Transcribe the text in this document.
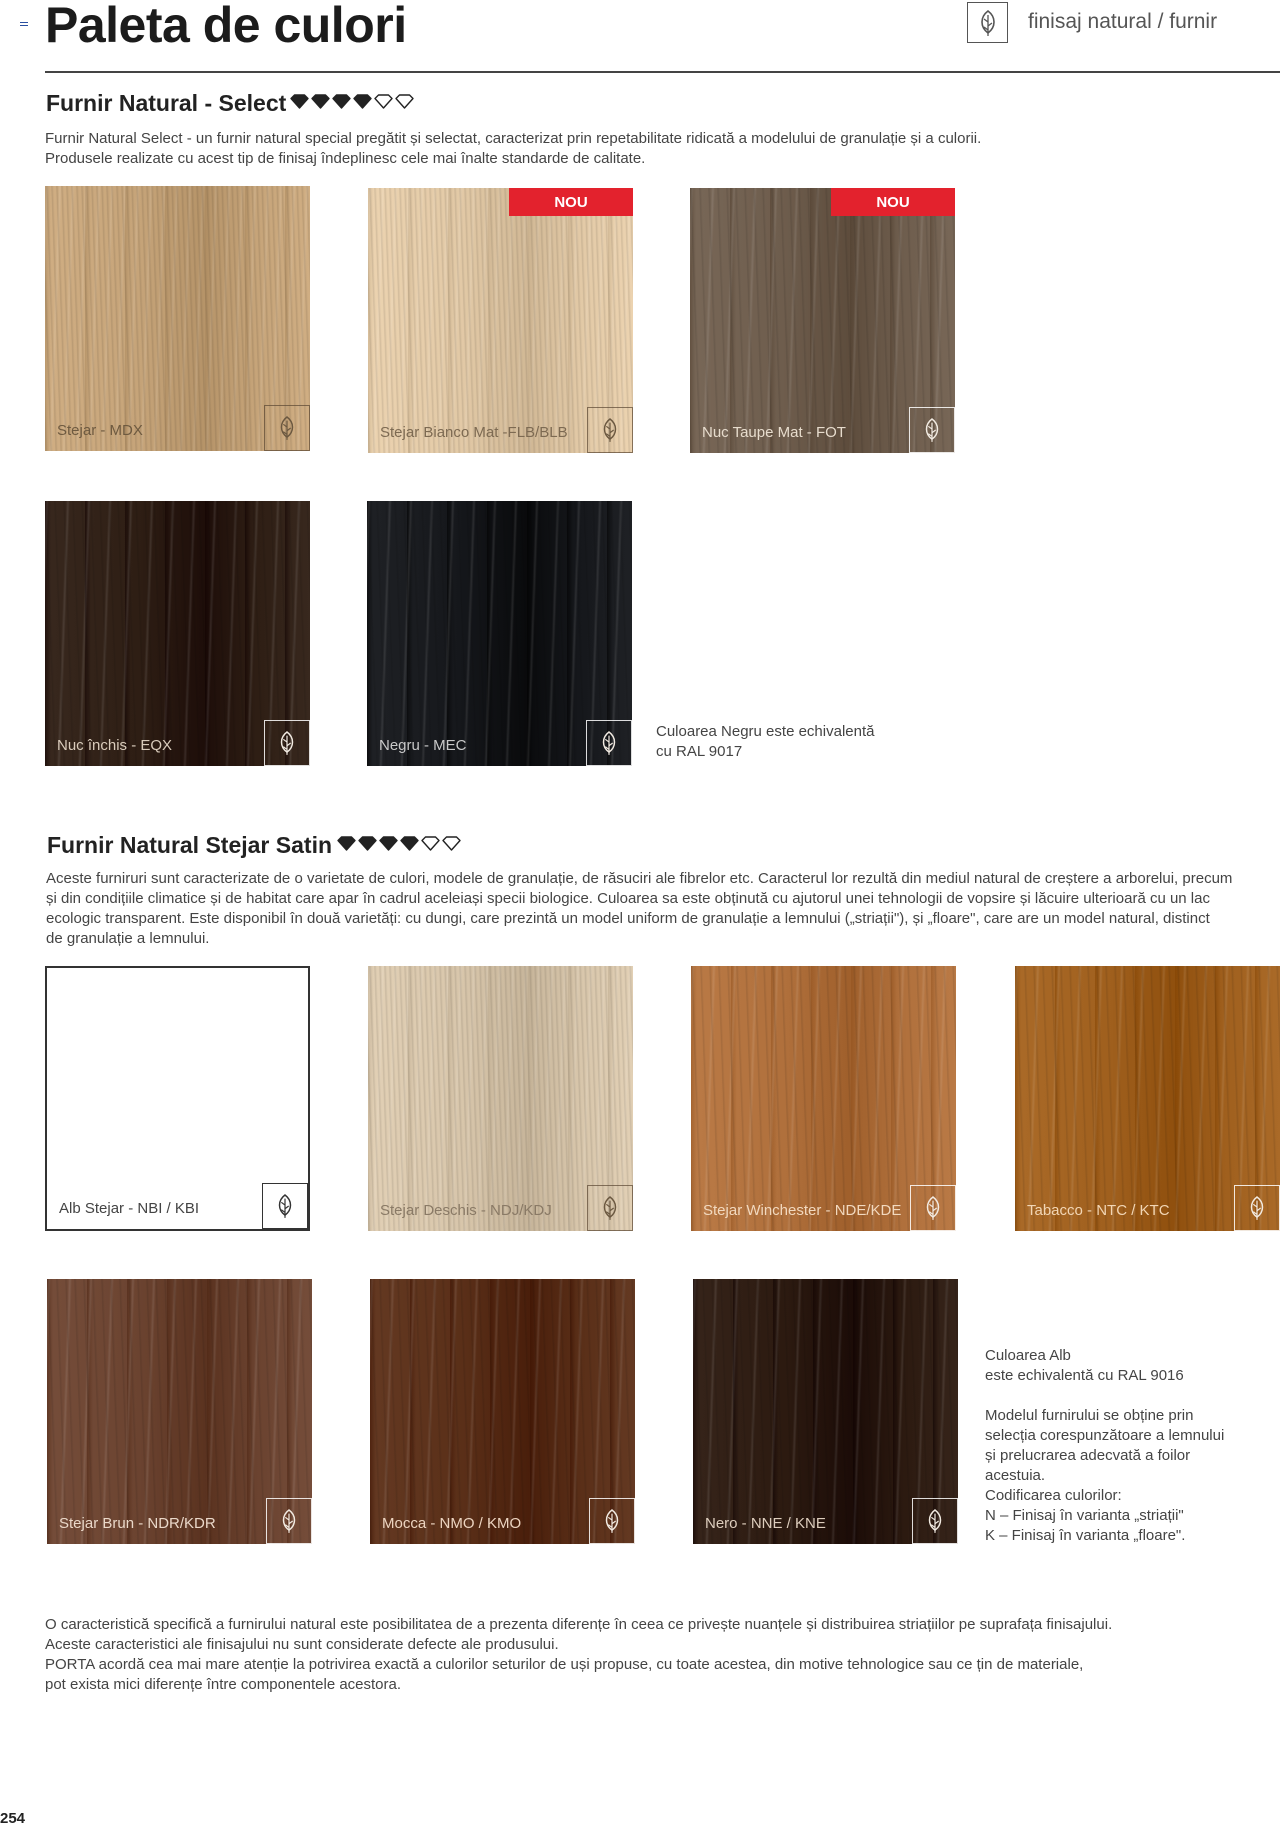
Paleta de culori	finisaj natural / furnir
Furnir Natural - Select

Furnir Natural Select - un furnir natural special pregătit și selectat, caracterizat prin repetabilitate ridicată a modelului de granulație și a culorii.

Produsele realizate cu acest tip de finisaj îndeplinesc cele mai înalte standarde de calitate.

Stejar - MDX
NOU
Stejar Bianco Mat -FLB/BLB
NOU
Nuc Taupe Mat - FOT
Nuc închis - EQX	Negru - MEC

Culoarea Negru este echivalentă

cu RAL 9017

Furnir Natural Stejar Satin

Aceste furniruri sunt caracterizate de o varietate de culori, modele de granulație, de răsuciri ale fibrelor etc. Caracterul lor rezultă din mediul natural de creștere a arborelui, precum

și din condițiile climatice și de habitat care apar în cadrul aceleiași specii biologice. Culoarea sa este obținută cu ajutorul unei tehnologii de vopsire și lăcuire ulterioară cu un lac

ecologic transparent. Este disponibil în două varietăți: cu dungi, care prezintă un model uniform de granulație a lemnului („striații"), și „floare", care are un model natural, distinct

de granulație a lemnului.

Alb Stejar - NBI / KBI	Stejar Deschis - NDJ/KDJ	Stejar Winchester - NDE/KDE	Tabacco - NTC / KTC
Stejar Brun - NDR/KDR	Mocca - NMO / KMO	Nero - NNE / KNE

Culoarea Alb

este echivalentă cu RAL 9016

Modelul furnirului se obține prin

selecția corespunzătoare a lemnului

și prelucrarea adecvată a foilor

acestuia.

Codificarea culorilor:

N – Finisaj în varianta „striații"

K – Finisaj în varianta „floare".

O caracteristică specifică a furnirului natural este posibilitatea de a prezenta diferențe în ceea ce privește nuanțele și distribuirea striațiilor pe suprafața finisajului.

Aceste caracteristici ale finisajului nu sunt considerate defecte ale produsului.

PORTA acordă cea mai mare atenție la potrivirea exactă a culorilor seturilor de uși propuse, cu toate acestea, din motive tehnologice sau ce țin de materiale,

pot exista mici diferențe între componentele acestora.

254
